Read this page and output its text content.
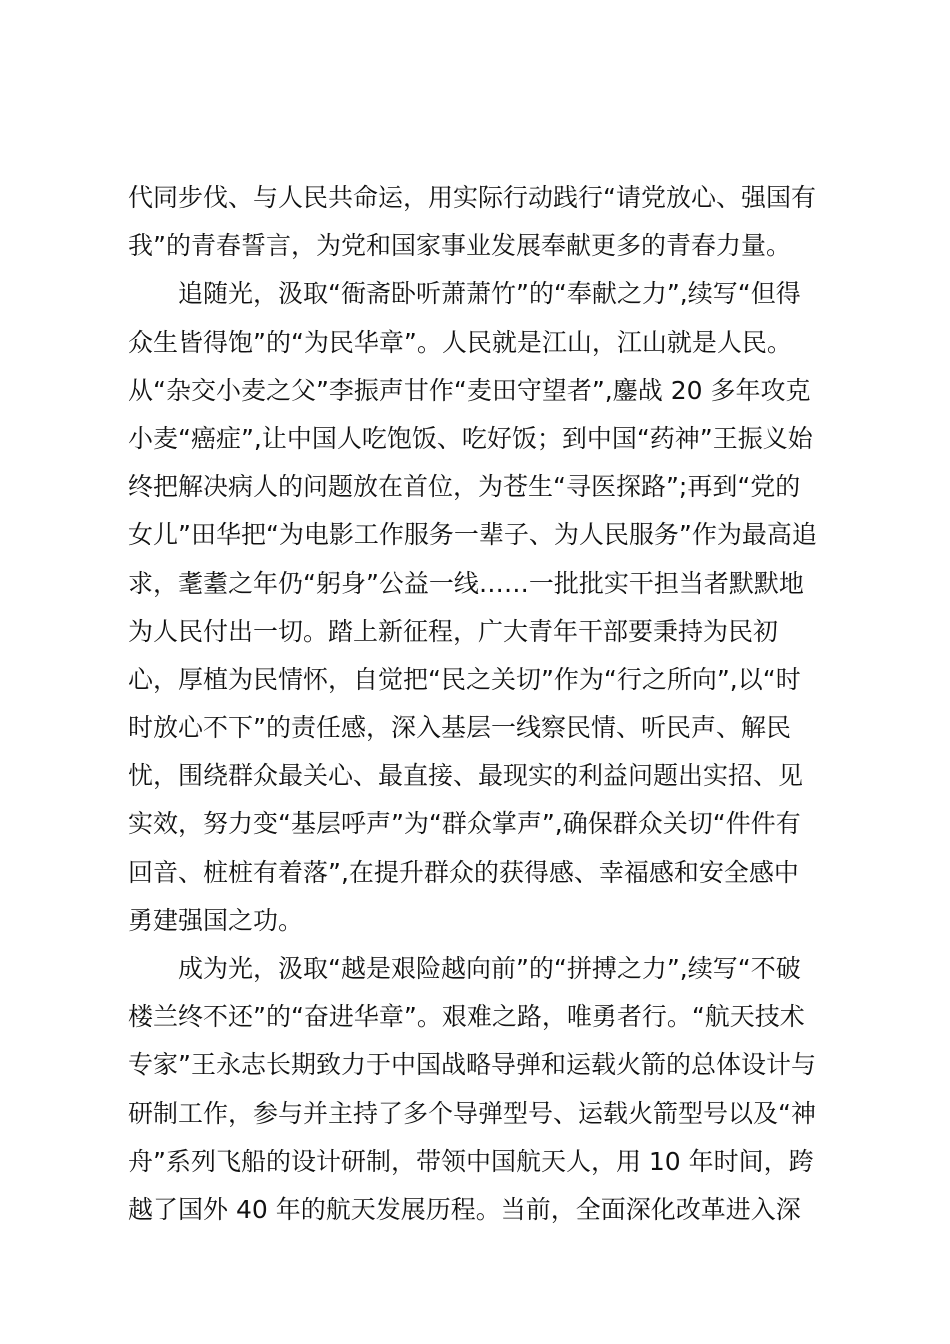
代同步伐、与人民共命运，用实际行动践行“请党放心、强国有
我”的青春誓言，为党和国家事业发展奉献更多的青春力量。
追随光，汲取“衙斋卧听萧萧竹”的“奉献之力”,续写“但得
众生皆得饱”的“为民华章”。人民就是江山，江山就是人民。
从“杂交小麦之父”李振声甘作“麦田守望者”,鏖战 20 多年攻克
小麦“癌症”,让中国人吃饱饭、吃好饭；到中国“药神”王振义始
终把解决病人的问题放在首位，为苍生“寻医探路”;再到“党的
女儿”田华把“为电影工作服务一辈子、为人民服务”作为最高追
求，耄耋之年仍“躬身”公益一线……一批批实干担当者默默地
为人民付出一切。踏上新征程，广大青年干部要秉持为民初
心，厚植为民情怀，自觉把“民之关切”作为“行之所向”,以“时
时放心不下”的责任感，深入基层一线察民情、听民声、解民
忧，围绕群众最关心、最直接、最现实的利益问题出实招、见
实效，努力变“基层呼声”为“群众掌声”,确保群众关切“件件有
回音、桩桩有着落”,在提升群众的获得感、幸福感和安全感中
勇建强国之功。
成为光，汲取“越是艰险越向前”的“拼搏之力”,续写“不破
楼兰终不还”的“奋进华章”。艰难之路，唯勇者行。“航天技术
专家”王永志长期致力于中国战略导弹和运载火箭的总体设计与
研制工作，参与并主持了多个导弹型号、运载火箭型号以及“神
舟”系列飞船的设计研制，带领中国航天人，用 10 年时间，跨
越了国外 40 年的航天发展历程。当前，全面深化改革进入深
